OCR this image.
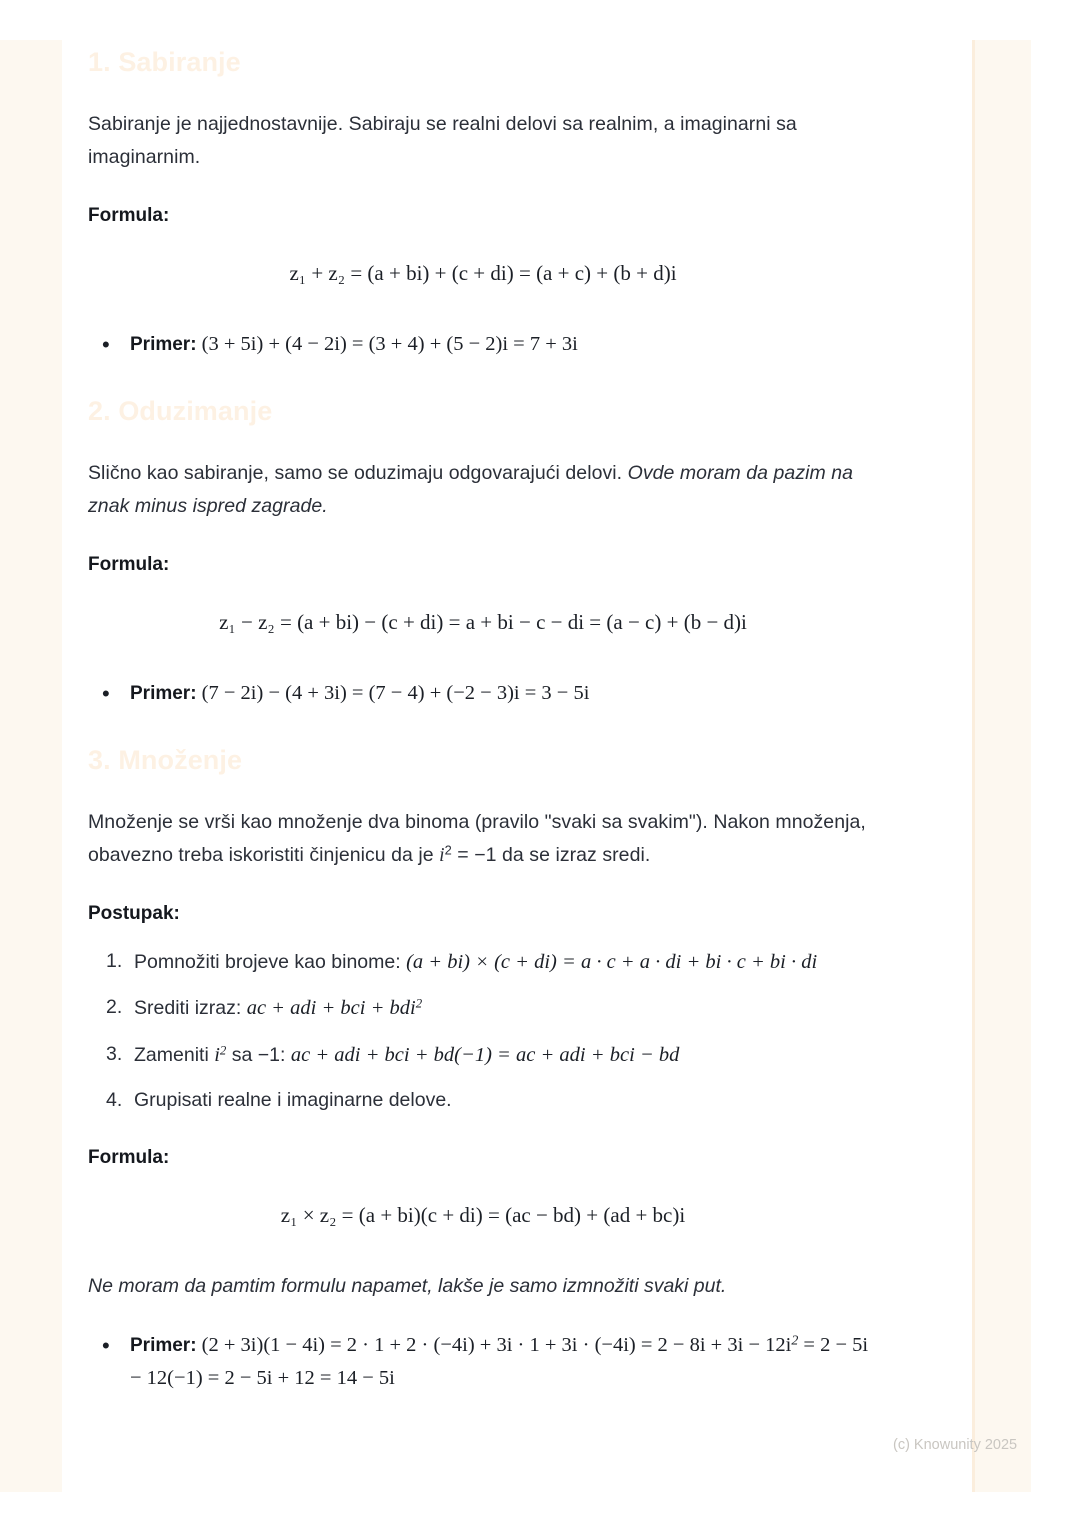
1. Sabiranje

Sabiranje je najjednostavnije. Sabiraju se realni delovi sa realnim, a imaginarni sa imaginarnim.

Formula:

z₁ + z₂ = (a + bi) + (c + di) = (a + c) + (b + d)i
• Primer: (3 + 5i) + (4 − 2i) = (3 + 4) + (5 − 2)i = 7 + 3i
2. Oduzimanje

Slično kao sabiranje, samo se oduzimaju odgovarajući delovi. Ovde moram da pazim na znak minus ispred zagrade.

Formula:

z₁ − z₂ = (a + bi) − (c + di) = a + bi − c − di = (a − c) + (b − d)i
• Primer: (7 − 2i) − (4 + 3i) = (7 − 4) + (−2 − 3)i = 3 − 5i
3. Množenje

Množenje se vrši kao množenje dva binoma (pravilo "svaki sa svakim"). Nakon množenja, obavezno treba iskoristiti činjenicu da je $i^2 = -1$ da se izraz sredi.

Postupak:

Pomnožiti brojeve kao binome: (a + bi) × (c + di) = a · c + a · di + bi · c + bi · di
Srediti izraz: ac + adi + bci + bdi$^2$
Zameniti $i^2$ sa −1: ac + adi + bci + bd(−1) = ac + adi + bci − bd
Grupisati realne i imaginarne delove.

Formula:

z₁ × z₂ = (a + bi)(c + di) = (ac − bd) + (ad + bc)i

Ne moram da pamtim formulu napamet, lakše je samo izmnožiti svaki put.

• Primer: $(2 + 3i)(1 - 4i) = 2 \cdot 1 + 2 \cdot (-4i) + 3i \cdot 1 + 3i \cdot (-4i) = 2 - 8i + 3i - 12i^2 = 2 - 5i - 12(-1) = 2 - 5i + 12 = 14 - 5i$
(c) Knowunity 2025
